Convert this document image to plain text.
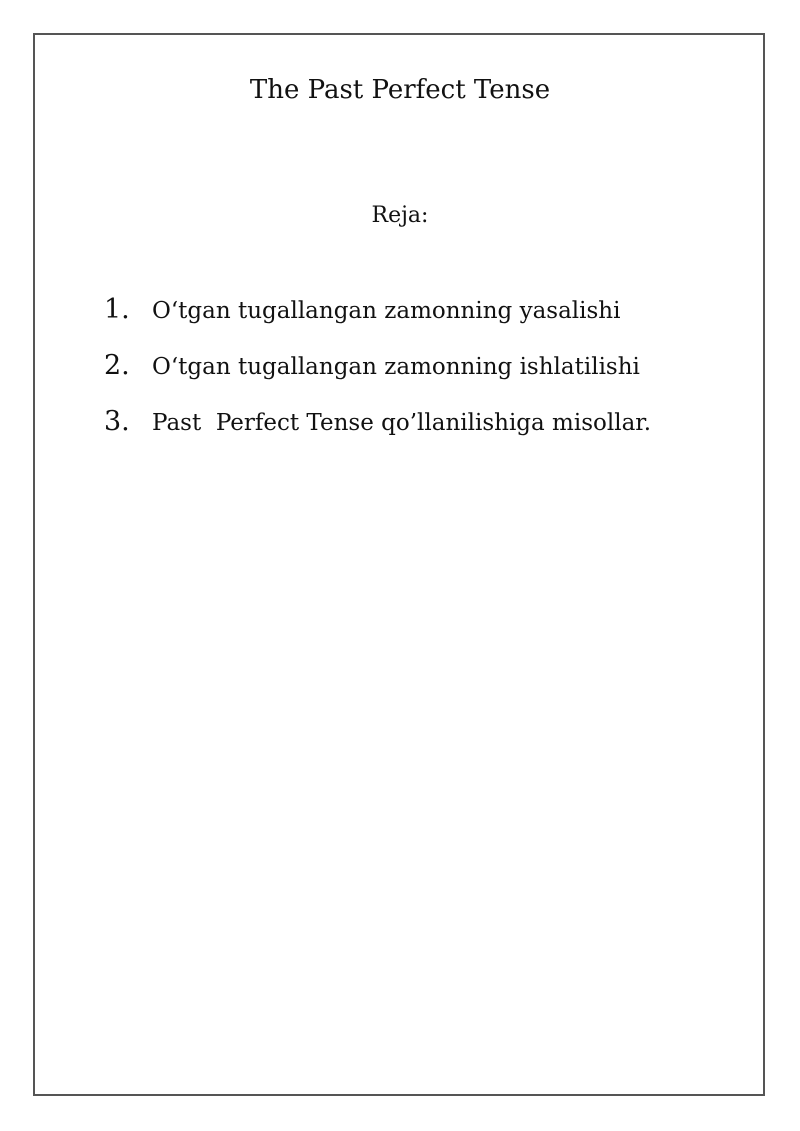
The Past Perfect Tense

Reja:

1. O‘tgan tugallangan zamonning yasalishi
2. O‘tgan tugallangan zamonning ishlatilishi
3. Past  Perfect Tense qo’llanilishiga misollar.
